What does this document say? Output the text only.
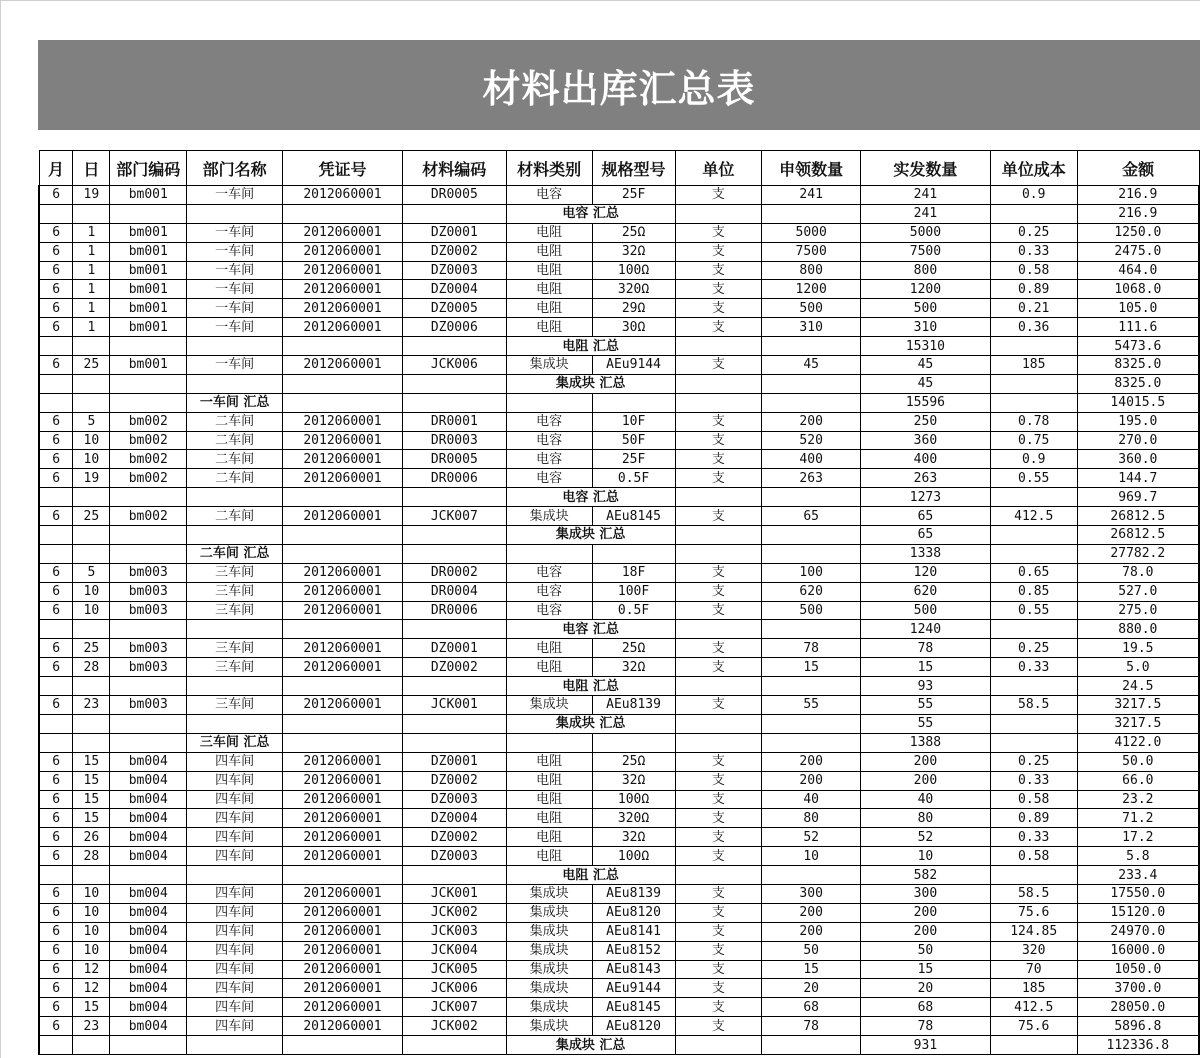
材料出库汇总表
月	日	部门编码	部门名称	凭证号	材料编码	材料类别	规格型号	单位	申领数量	实发数量	单位成本	金额
6	19	bm001	一车间	2012060001	DR0005	电容	25F	支	241	241	0.9	216.9
						电容 汇总				241		216.9
6	1	bm001	一车间	2012060001	DZ0001	电阻	25Ω	支	5000	5000	0.25	1250.0
6	1	bm001	一车间	2012060001	DZ0002	电阻	32Ω	支	7500	7500	0.33	2475.0
6	1	bm001	一车间	2012060001	DZ0003	电阻	100Ω	支	800	800	0.58	464.0
6	1	bm001	一车间	2012060001	DZ0004	电阻	320Ω	支	1200	1200	0.89	1068.0
6	1	bm001	一车间	2012060001	DZ0005	电阻	29Ω	支	500	500	0.21	105.0
6	1	bm001	一车间	2012060001	DZ0006	电阻	30Ω	支	310	310	0.36	111.6
						电阻 汇总				15310		5473.6
6	25	bm001	一车间	2012060001	JCK006	集成块	AEu9144	支	45	45	185	8325.0
						集成块 汇总				45		8325.0
			一车间 汇总							15596		14015.5
6	5	bm002	二车间	2012060001	DR0001	电容	10F	支	200	250	0.78	195.0
6	10	bm002	二车间	2012060001	DR0003	电容	50F	支	520	360	0.75	270.0
6	10	bm002	二车间	2012060001	DR0005	电容	25F	支	400	400	0.9	360.0
6	19	bm002	二车间	2012060001	DR0006	电容	0.5F	支	263	263	0.55	144.7
						电容 汇总				1273		969.7
6	25	bm002	二车间	2012060001	JCK007	集成块	AEu8145	支	65	65	412.5	26812.5
						集成块 汇总				65		26812.5
			二车间 汇总							1338		27782.2
6	5	bm003	三车间	2012060001	DR0002	电容	18F	支	100	120	0.65	78.0
6	10	bm003	三车间	2012060001	DR0004	电容	100F	支	620	620	0.85	527.0
6	10	bm003	三车间	2012060001	DR0006	电容	0.5F	支	500	500	0.55	275.0
						电容 汇总				1240		880.0
6	25	bm003	三车间	2012060001	DZ0001	电阻	25Ω	支	78	78	0.25	19.5
6	28	bm003	三车间	2012060001	DZ0002	电阻	32Ω	支	15	15	0.33	5.0
						电阻 汇总				93		24.5
6	23	bm003	三车间	2012060001	JCK001	集成块	AEu8139	支	55	55	58.5	3217.5
						集成块 汇总				55		3217.5
			三车间 汇总							1388		4122.0
6	15	bm004	四车间	2012060001	DZ0001	电阻	25Ω	支	200	200	0.25	50.0
6	15	bm004	四车间	2012060001	DZ0002	电阻	32Ω	支	200	200	0.33	66.0
6	15	bm004	四车间	2012060001	DZ0003	电阻	100Ω	支	40	40	0.58	23.2
6	15	bm004	四车间	2012060001	DZ0004	电阻	320Ω	支	80	80	0.89	71.2
6	26	bm004	四车间	2012060001	DZ0002	电阻	32Ω	支	52	52	0.33	17.2
6	28	bm004	四车间	2012060001	DZ0003	电阻	100Ω	支	10	10	0.58	5.8
						电阻 汇总				582		233.4
6	10	bm004	四车间	2012060001	JCK001	集成块	AEu8139	支	300	300	58.5	17550.0
6	10	bm004	四车间	2012060001	JCK002	集成块	AEu8120	支	200	200	75.6	15120.0
6	10	bm004	四车间	2012060001	JCK003	集成块	AEu8141	支	200	200	124.85	24970.0
6	10	bm004	四车间	2012060001	JCK004	集成块	AEu8152	支	50	50	320	16000.0
6	12	bm004	四车间	2012060001	JCK005	集成块	AEu8143	支	15	15	70	1050.0
6	12	bm004	四车间	2012060001	JCK006	集成块	AEu9144	支	20	20	185	3700.0
6	15	bm004	四车间	2012060001	JCK007	集成块	AEu8145	支	68	68	412.5	28050.0
6	23	bm004	四车间	2012060001	JCK002	集成块	AEu8120	支	78	78	75.6	5896.8
						集成块 汇总				931		112336.8
